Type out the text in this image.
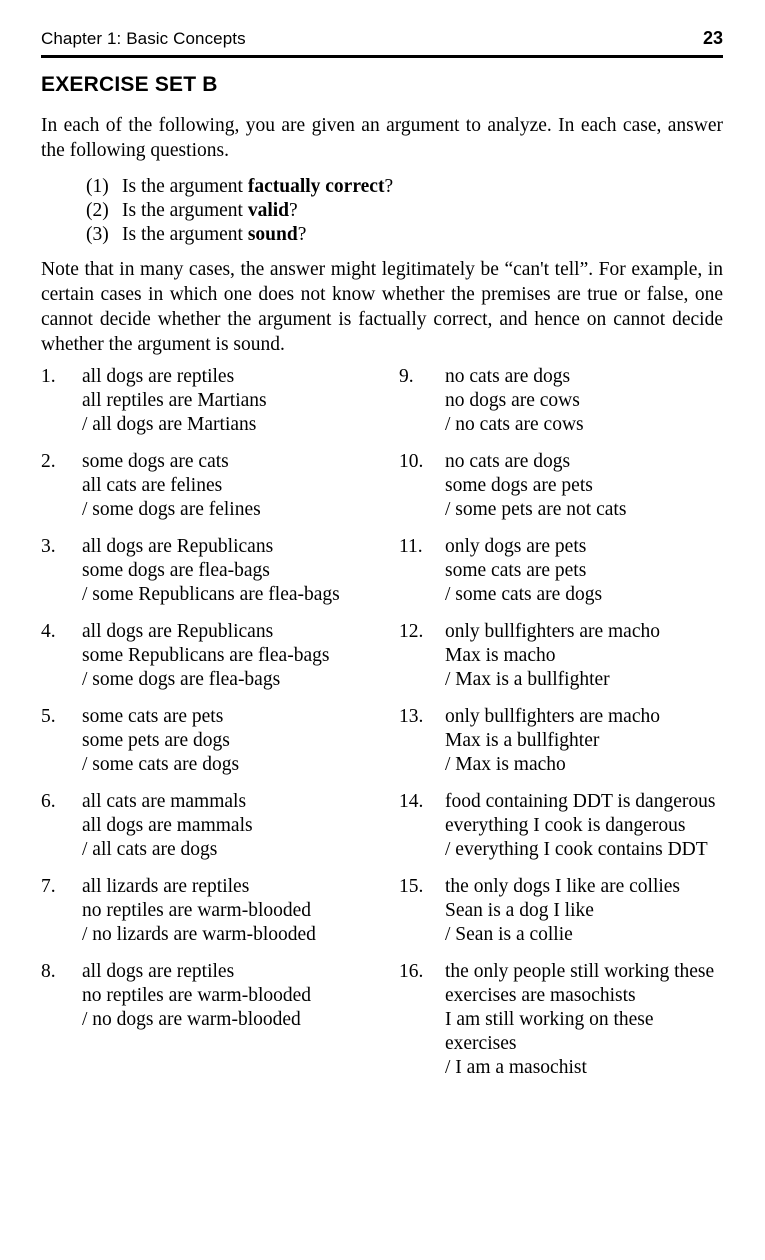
Chapter 1: Basic Concepts	23
EXERCISE SET B
In each of the following, you are given an argument to analyze. In each case, answer the following questions.
(1) Is the argument factually correct?
(2) Is the argument valid?
(3) Is the argument sound?
Note that in many cases, the answer might legitimately be “can't tell”. For example, in certain cases in which one does not know whether the premises are true or false, one cannot decide whether the argument is factually correct, and hence on cannot decide whether the argument is sound.
1.	all dogs are reptiles
all reptiles are Martians
/ all dogs are Martians
2.	some dogs are cats
all cats are felines
/ some dogs are felines
3.	all dogs are Republicans
some dogs are flea-bags
/ some Republicans are flea-bags
4.	all dogs are Republicans
some Republicans are flea-bags
/ some dogs are flea-bags
5.	some cats are pets
some pets are dogs
/ some cats are dogs
6.	all cats are mammals
all dogs are mammals
/ all cats are dogs
7.	all lizards are reptiles
no reptiles are warm-blooded
/ no lizards are warm-blooded
8.	all dogs are reptiles
no reptiles are warm-blooded
/ no dogs are warm-blooded
9.	no cats are dogs
no dogs are cows
/ no cats are cows
10.	no cats are dogs
some dogs are pets
/ some pets are not cats
11.	only dogs are pets
some cats are pets
/ some cats are dogs
12.	only bullfighters are macho
Max is macho
/ Max is a bullfighter
13.	only bullfighters are macho
Max is a bullfighter
/ Max is macho
14.	food containing DDT is dangerous
everything I cook is dangerous
/ everything I cook contains DDT
15.	the only dogs I like are collies
Sean is a dog I like
/ Sean is a collie
16.	the only people still working these exercises are masochists
I am still working on these exercises
/ I am a masochist
